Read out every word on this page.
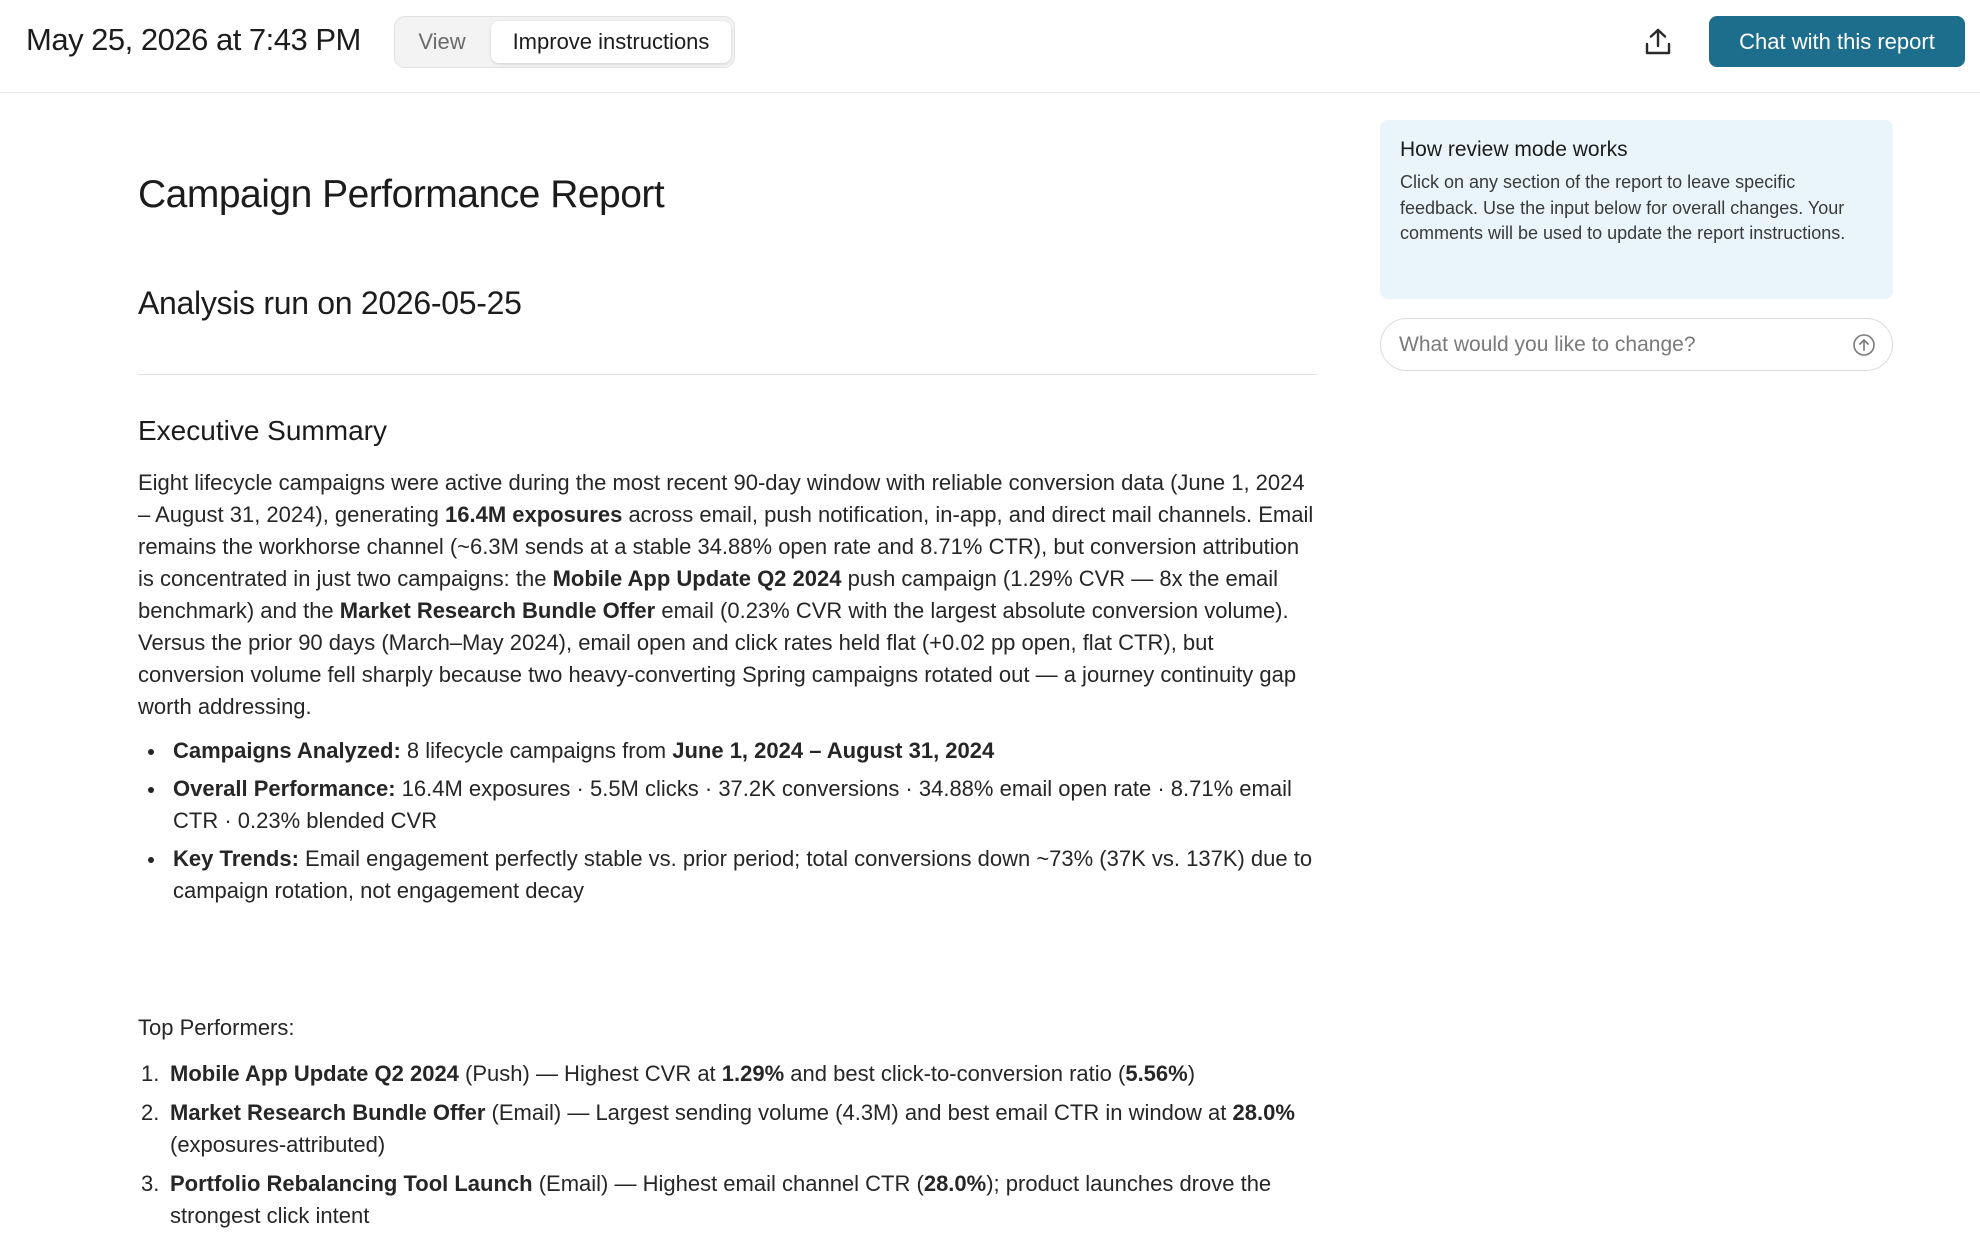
May 25, 2026 at 7:43 PM	View	Improve instructions	Chat with this report
Campaign Performance Report
Analysis run on 2026-05-25
Executive Summary

Eight lifecycle campaigns were active during the most recent 90-day window with reliable conversion data (June 1, 2024 – August 31, 2024), generating 16.4M exposures across email, push notification, in-app, and direct mail channels. Email remains the workhorse channel (~6.3M sends at a stable 34.88% open rate and 8.71% CTR), but conversion attribution is concentrated in just two campaigns: the Mobile App Update Q2 2024 push campaign (1.29% CVR — 8x the email benchmark) and the Market Research Bundle Offer email (0.23% CVR with the largest absolute conversion volume). Versus the prior 90 days (March–May 2024), email open and click rates held flat (+0.02 pp open, flat CTR), but conversion volume fell sharply because two heavy-converting Spring campaigns rotated out — a journey continuity gap worth addressing.

Campaigns Analyzed: 8 lifecycle campaigns from June 1, 2024 – August 31, 2024
Overall Performance: 16.4M exposures · 5.5M clicks · 37.2K conversions · 34.88% email open rate · 8.71% email CTR · 0.23% blended CVR
Key Trends: Email engagement perfectly stable vs. prior period; total conversions down ~73% (37K vs. 137K) due to campaign rotation, not engagement decay
Top Performers:
1. Mobile App Update Q2 2024 (Push) — Highest CVR at 1.29% and best click-to-conversion ratio (5.56%)
2. Market Research Bundle Offer (Email) — Largest sending volume (4.3M) and best email CTR in window at 28.0% (exposures-attributed)
3. Portfolio Rebalancing Tool Launch (Email) — Highest email channel CTR (28.0%); product launches drove the strongest click intent
How review mode works
Click on any section of the report to leave specific feedback. Use the input below for overall changes. Your comments will be used to update the report instructions.
What would you like to change?
